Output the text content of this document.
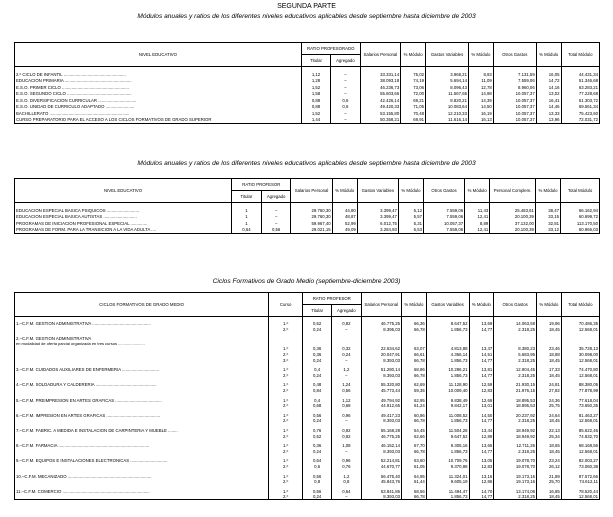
SEGUNDA PARTE
Módulos anuales y ratios de los diferentes niveles educativos aplicables desde septiembre hasta diciembre de 2003
NIVEL EDUCATIVO	RATIO PROFESORADO		Salarios Personal	% Módulo	Gastos Variables	% Módulo	Otros Gastos	% Módulo	Total Módulo
	Titular	Agregado							

2.º CICLO DE INFANTIL ....................................................	1,12	–	33.331,14	75,02	3.968,21	8,93	7.131,59	16,05	44.431,34
EDUCACION PRIMARIA ........................................................	1,28	–	38.093,18	74,19	5.694,14	11,09	7.559,06	14,72	51.346,68
E.S.O. PRIMER CICLO ........................................................	1,52	–	46.236,73	73,06	8.096,43	12,78	8.960,06	14,16	63.283,21
E.S.O. SEGUNDO CICLO ......................................................	1,58	–	55.603,66	72,00	11.567,65	14,98	10.057,37	13,02	77.228,68
E.S.O. DIVERSIFICACION CURRICULAR ................................	0,88	0,6	42.426,14	69,21	8.820,21	14,39	10.057,37	16,41	61.303,72
E.S.O. UNIDAD DE CURRICULO ADAPTADO ........................	0,88	0,6	49.420,33	71,05	10.083,64	14,50	10.057,37	14,46	69.561,34
BACHILLERATO ...................................................................	1,52	–	53.155,80	70,48	12.210,33	16,19	10.057,37	13,33	75.423,60
CURSO PREPARATORIO PARA EL ACCESO A LOS CICLOS FORMATIVOS DE GRADO SUPERIOR	1,44	–	50.358,21	69,91	11.616,14	16,13	10.057,37	13,96	72.031,72
Módulos anuales y ratios de los diferentes niveles educativos aplicables desde septiembre hasta diciembre de 2003
NIVEL EDUCATIVO	RATIO PROFESOR		Salarios Personal	% Módulo	Gastos Variables	% Módulo	Otros Gastos	% Módulo	Personal Complem.	% Módulo	Total Módulo
	Titular	Agregado									

EDUCACION ESPECIAL BASICA PSIQUICOS ...........................	1	–	29.760,30	44,80	3.399,47	5,12	7.559,06	11,43	25.483,61	38,47	66.162,94
EDUCACION ESPECIAL BASICA AUTISTAS ............................	1	–	29.760,30	48,87	3.399,47	5,57	7.559,06	12,41	20.100,39	33,15	60.699,72
PROGRAMAS DE INICIACION PROFESIONAL ESPECIAL ..............	1	–	59.967,40	52,99	6.012,75	5,31	10.057,37	8,89	37.132,00	32,81	113.170,50
PROGRAMAS DE FORM. PARA LA TRANSICION A LA VIDA ADULTA ....	0,64	0,56	29.021,15	49,09	3.284,93	5,53	7.559,06	12,41	20.100,39	33,12	60.966,03
Ciclos Formativos de Grado Medio (septiembre-diciembre 2003)
CICLOS FORMATIVOS DE GRADO MEDIO	Curso	RATIO PROFESOR		Salarios Personal	% Módulo	Gastos Variables	% Módulo	Otros Gastos	% Módulo	Total Módulo
		Titular	Agregado							

1.–C.F.M. GESTION ADMINISTRATIVA .................................................	1.º	0,52	0,92	46.775,25	66,36	8.647,52	13,69	14.063,58	19,96	70.486,35
	2.º	0,24	–	8.395,03	66,78	1.856,73	14,77	2.318,25	18,45	12.568,01

2.–C.F.M. GESTION ADMINISTRATIVA										
en modalidad de oferta parcial organizada en tres cursos ........................										
	1.º	0,36	0,32	22.634,62	63,07	4.813,88	13,47	8.380,23	23,46	35.728,13
	2.º	0,36	0,24	20.047,91	66,61	4.366,14	14,51	5.683,95	18,88	30.098,00
	3.º	0,24	–	8.393,03	66,78	1.856,73	14,77	2.318,25	18,45	12.568,01

3.–C.F.M. CUIDADOS AUXILIARES DE ENFERMERIA ...............................	1.º	0,4	1,2	51.280,14	68,86	10.286,21	13,81	12.904,45	17,33	74.470,80
	2.º	0,24	–	8.393,03	66,78	1.856,73	14,77	2.318,25	18,45	12.568,01

4.–C.F.M. SOLDADURA Y CALDERERIA ...................................................	1.º	0,48	1,24	55.320,80	62,69	11.128,90	12,59	21.930,15	24,81	88.380,05
	2.º	0,84	0,56	45.773,44	59,35	10.009,40	12,83	21.976,15	27,82	77.878,99

5.–C.F.M. PREIMPRESION EN ARTES GRAFICAS .......................................	1.º	0,4	1,12	49.794,92	62,95	9.838,49	12,69	18.895,53	24,36	77.618,04
	2.º	0,68	0,68	44.912,65	61,24	9.842,17	13,01	18.895,53	25,75	73.650,35

6.–C.F.M. IMPRESION EN ARTES GRAFICAS .............................................	1.º	0,56	0,96	49.417,23	60,86	11.008,52	14,50	20.237,92	24,64	81.463,27
	2.º	0,24	–	8.393,03	66,78	1.856,73	14,77	2.318,25	18,45	12.568,01

7.–C.F.M. FABRIC. A MEDIDA E INSTALACION DE CARPINTERIA Y MUEBLE ........	1.º	0,76	0,92	55.168,28	64,45	11.504,26	13,44	18.949,92	22,13	85.622,46
	2.º	0,52	0,92	46.775,25	62,66	9.647,52	12,89	18.949,92	25,34	74.832,70

8.–C.F.M. FARMACIA ............................................................................	1.º	0,36	1,08	46.152,14	67,70	9.305,16	13,65	12.711,26	18,65	68.168,56
	2.º	0,24	–	8.393,03	66,78	1.856,73	14,77	2.318,25	18,45	12.568,01

9.–C.F.M. EQUIPOS E INSTALACIONES ELECTRONICAS ...............................	1.º	0,64	0,96	52.214,81	63,60	10.709,76	13,05	19.078,70	23,24	82.003,27
	2.º	0,6	0,76	44.670,77	61,05	9.370,98	12,83	19.078,70	26,12	73.060,38

10.–C.F.M. MECANIZADO ......................................................................	1.º	0,56	1,2	56.475,40	64,95	11.324,01	13,16	19.173,16	21,89	87.572,66
	2.º	0,8	0,8	45.843,76	61,44	9.605,19	12,86	19.173,16	25,70	74.612,11

11.–C.F.M. COMERCIO .........................................................................	1.º	0,56	0,64	53.841,86	68,56	11.494,47	14,70	13.174,06	16,85	78.520,44
	2.º	0,24	–	8.393,03	66,78	1.856,73	14,77	2.318,25	18,45	12.568,01
